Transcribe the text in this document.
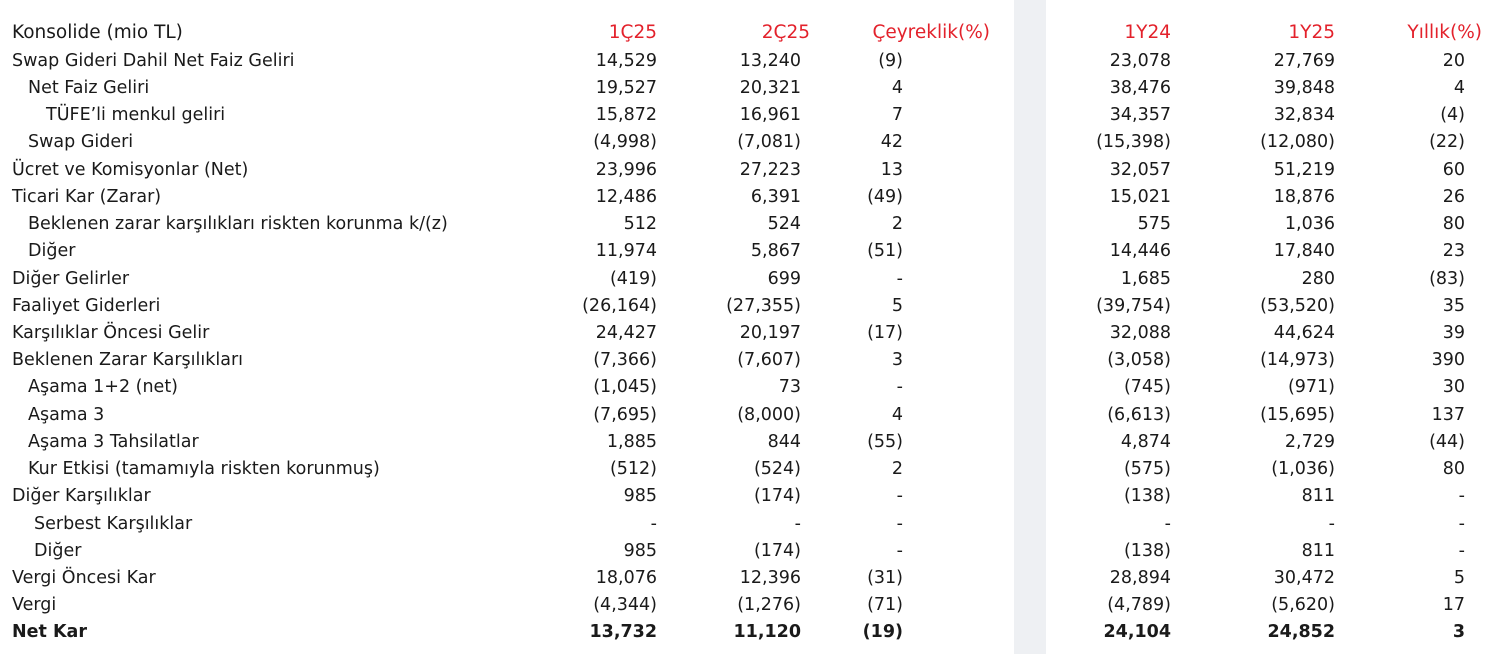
Konsolide (mio TL)	1Ç25	2Ç25	Çeyreklik(%)	1Y24	1Y25	Yıllık(%)
Swap Gideri Dahil Net Faiz Geliri	14,529	13,240	(9)	23,078	27,769	20
Net Faiz Geliri	19,527	20,321	4	38,476	39,848	4
TÜFE’li menkul geliri	15,872	16,961	7	34,357	32,834	(4)
Swap Gideri	(4,998)	(7,081)	42	(15,398)	(12,080)	(22)
Ücret ve Komisyonlar (Net)	23,996	27,223	13	32,057	51,219	60
Ticari Kar (Zarar)	12,486	6,391	(49)	15,021	18,876	26
Beklenen zarar karşılıkları riskten korunma k/(z)	512	524	2	575	1,036	80
Diğer	11,974	5,867	(51)	14,446	17,840	23
Diğer Gelirler	(419)	699	-	1,685	280	(83)
Faaliyet Giderleri	(26,164)	(27,355)	5	(39,754)	(53,520)	35
Karşılıklar Öncesi Gelir	24,427	20,197	(17)	32,088	44,624	39
Beklenen Zarar Karşılıkları	(7,366)	(7,607)	3	(3,058)	(14,973)	390
Aşama 1+2 (net)	(1,045)	73	-	(745)	(971)	30
Aşama 3	(7,695)	(8,000)	4	(6,613)	(15,695)	137
Aşama 3 Tahsilatlar	1,885	844	(55)	4,874	2,729	(44)
Kur Etkisi (tamamıyla riskten korunmuş)	(512)	(524)	2	(575)	(1,036)	80
Diğer Karşılıklar	985	(174)	-	(138)	811	-
Serbest Karşılıklar	-	-	-	-	-	-
Diğer	985	(174)	-	(138)	811	-
Vergi Öncesi Kar	18,076	12,396	(31)	28,894	30,472	5
Vergi	(4,344)	(1,276)	(71)	(4,789)	(5,620)	17
Net Kar	13,732	11,120	(19)	24,104	24,852	3
